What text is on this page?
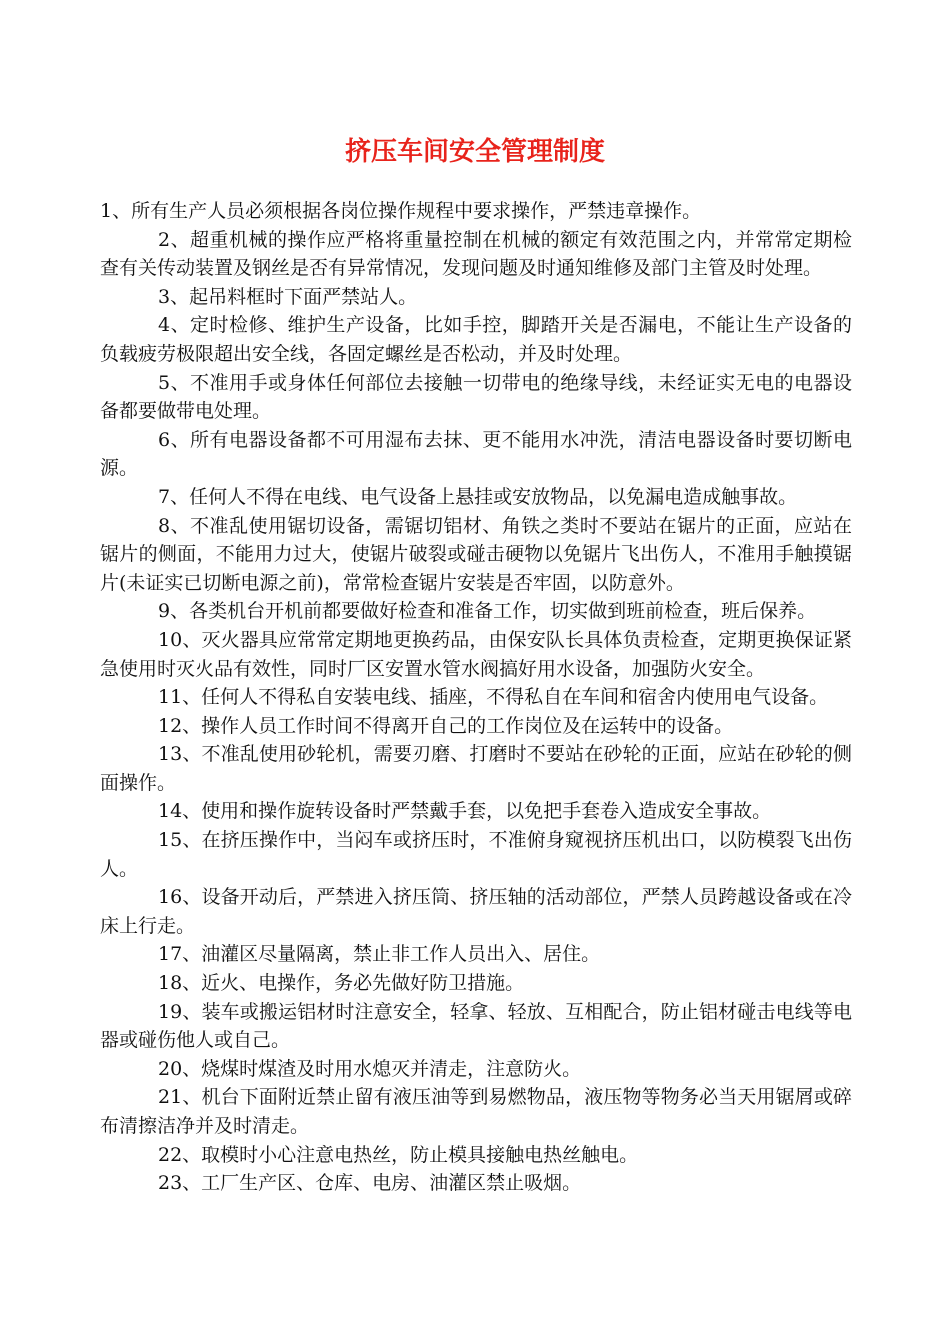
挤压车间安全管理制度

1、所有生产人员必须根据各岗位操作规程中要求操作，严禁违章操作。

2、超重机械的操作应严格将重量控制在机械的额定有效范围之内，并常常定期检查有关传动装置及钢丝是否有异常情况，发现问题及时通知维修及部门主管及时处理。

3、起吊料框时下面严禁站人。

4、定时检修、维护生产设备，比如手控，脚踏开关是否漏电，不能让生产设备的负载疲劳极限超出安全线，各固定螺丝是否松动，并及时处理。

5、不准用手或身体任何部位去接触一切带电的绝缘导线，未经证实无电的电器设备都要做带电处理。

6、所有电器设备都不可用湿布去抹、更不能用水冲洗，清洁电器设备时要切断电源。

7、任何人不得在电线、电气设备上悬挂或安放物品，以免漏电造成触事故。

8、不准乱使用锯切设备，需锯切铝材、角铁之类时不要站在锯片的正面，应站在锯片的侧面，不能用力过大，使锯片破裂或碰击硬物以免锯片飞出伤人，不准用手触摸锯片(未证实已切断电源之前)，常常检查锯片安装是否牢固，以防意外。

9、各类机台开机前都要做好检查和准备工作，切实做到班前检查，班后保养。

10、灭火器具应常常定期地更换药品，由保安队长具体负责检查，定期更换保证紧急使用时灭火品有效性，同时厂区安置水管水阀搞好用水设备，加强防火安全。

11、任何人不得私自安装电线、插座，不得私自在车间和宿舍内使用电气设备。

12、操作人员工作时间不得离开自己的工作岗位及在运转中的设备。

13、不准乱使用砂轮机，需要刃磨、打磨时不要站在砂轮的正面，应站在砂轮的侧面操作。

14、使用和操作旋转设备时严禁戴手套，以免把手套卷入造成安全事故。

15、在挤压操作中，当闷车或挤压时，不准俯身窥视挤压机出口，以防模裂飞出伤人。

16、设备开动后，严禁进入挤压筒、挤压轴的活动部位，严禁人员跨越设备或在冷床上行走。

17、油灌区尽量隔离，禁止非工作人员出入、居住。

18、近火、电操作，务必先做好防卫措施。

19、装车或搬运铝材时注意安全，轻拿、轻放、互相配合，防止铝材碰击电线等电器或碰伤他人或自己。

20、烧煤时煤渣及时用水熄灭并清走，注意防火。

21、机台下面附近禁止留有液压油等到易燃物品，液压物等物务必当天用锯屑或碎布清擦洁净并及时清走。

22、取模时小心注意电热丝，防止模具接触电热丝触电。

23、工厂生产区、仓库、电房、油灌区禁止吸烟。
